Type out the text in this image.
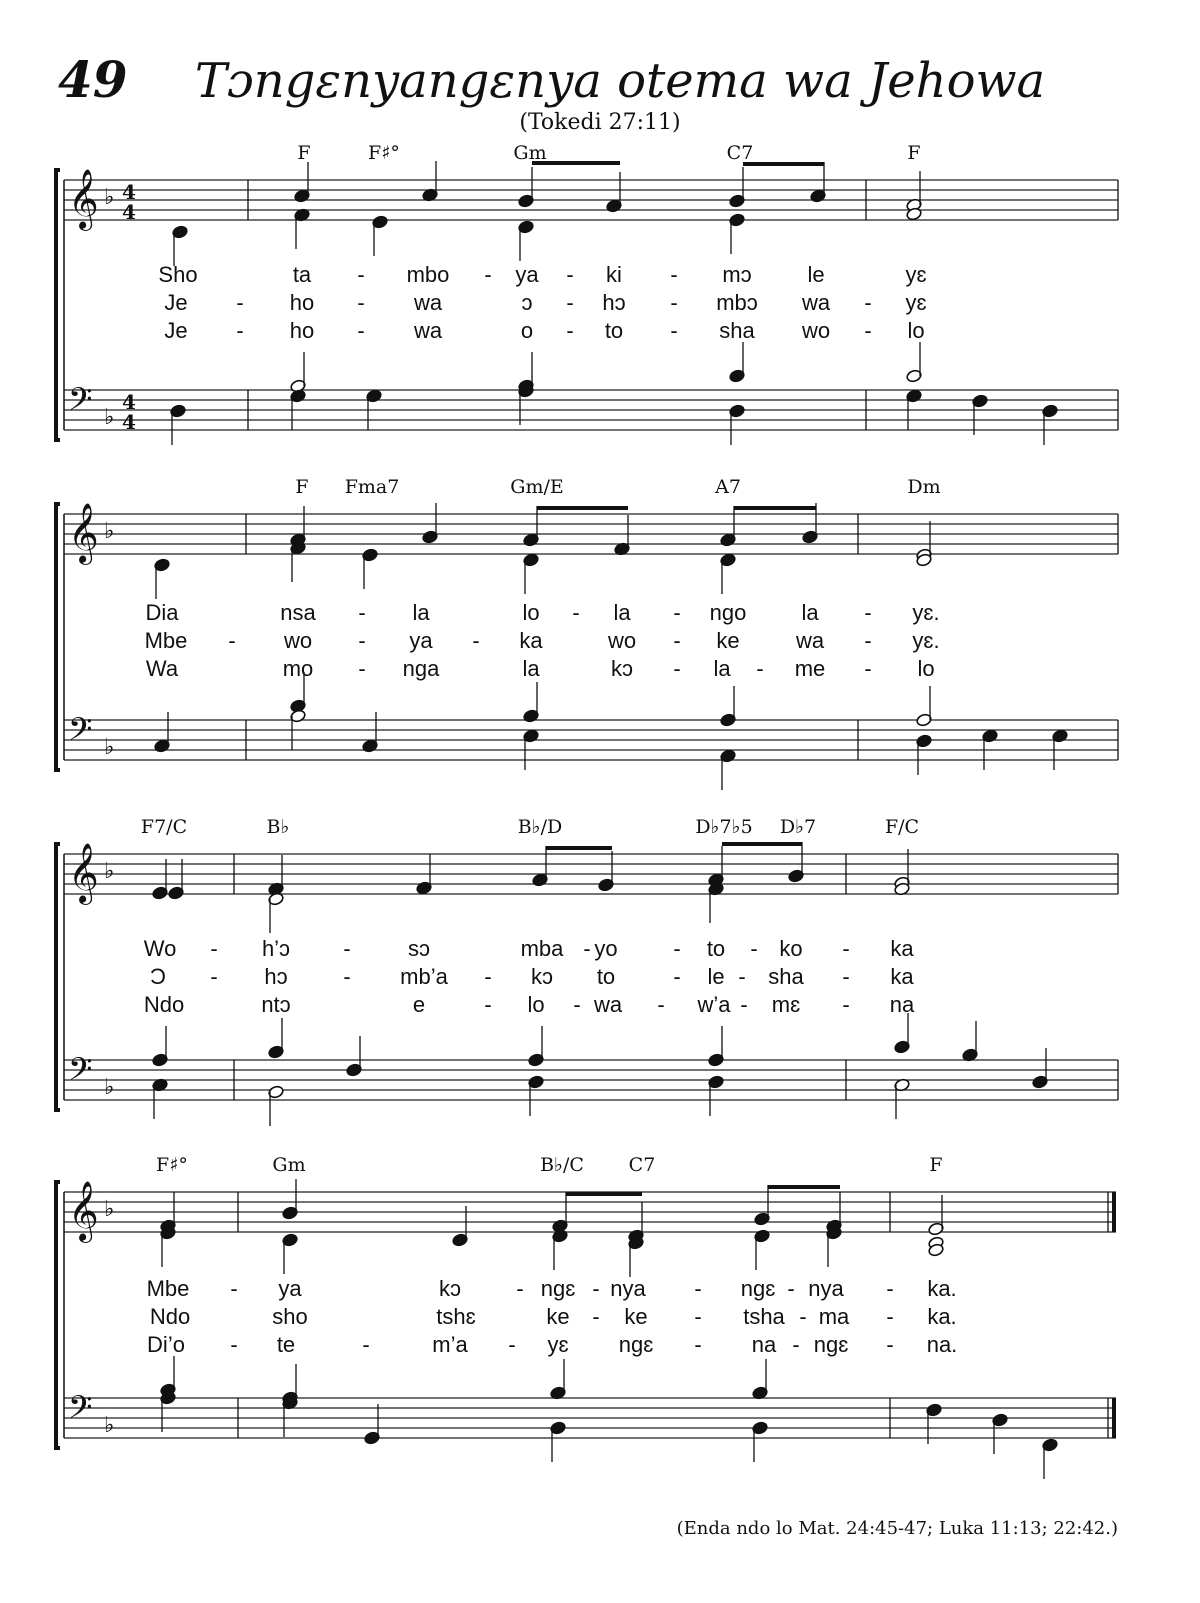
49	Tɔngɛnyangɛnya otema wa Jehowa
(Tokedi 27:11)
𝄞 ♭ 4
4
𝄢 ♭
4
4
𝄞 ♭
𝄢 ♭
𝄞 ♭
𝄢 ♭
𝄞 ♭
𝄢 ♭
F	F♯°	Gm	C7	F
Sho	ta - mbo - ya - ki - mɔ	le	yɛ
Je - ho - wa	ɔ - hɔ - mbɔ wa - yɛ
Je - ho - wa	o - to - sha wo - lo
F Fma7	Gm/E	A7	Dm
Dia	nsa - la	lo - la - ngo	la - yɛ.
Mbe - wo - ya - ka	wo - ke	wa - yɛ.
Wa	mo - nga	la	kɔ - la - me - lo
F7/C	B♭	B♭/D	D♭7♭5 D♭7	F/C
Wo - h’ɔ -	sɔ	mba - yo	- to - ko - ka
Ɔ - hɔ	- mb’a - kɔ to	- le - sha - ka
Ndo	ntɔ	e	- lo - wa - w’a - mɛ - na
F♯°	Gm	B♭/C C7	F
Mbe - ya	kɔ	- ngɛ - nya - ngɛ - nya - ka.
Ndo	sho	tshɛ	ke - ke - tsha - ma - ka.
Di’o - te	-	m’a - yɛ ngɛ - na - ngɛ - na.
(Enda ndo lo Mat. 24:45-47; Luka 11:13; 22:42.)
